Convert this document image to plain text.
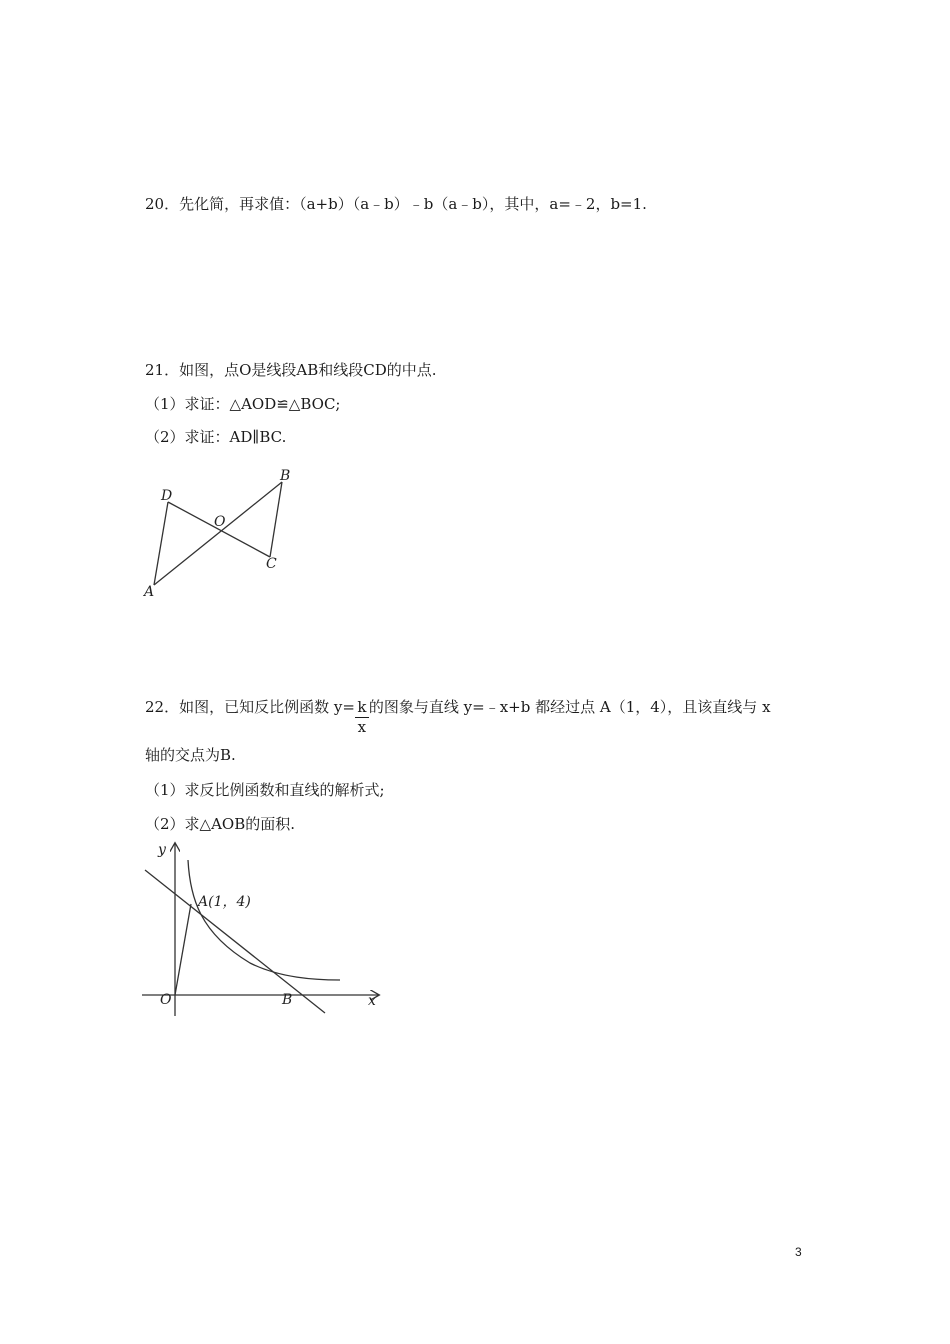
20．先化简，再求值：（a+b）（a﹣b）﹣b（a﹣b），其中，a=﹣2，b=1.
21．如图，点O是线段AB和线段CD的中点.
（1）求证：△AOD≌△BOC;
（2）求证：AD∥BC.
A
B
C
D
O
22．如图，已知反比例函数 $y= \frac{k}{x}$ 的图象与直线 y=﹣x+b 都经过点 A（1，4），且该直线与 x
轴的交点为B.
（1）求反比例函数和直线的解析式;
（2）求△AOB的面积.
y
x
O	B
A(1，4)
3
